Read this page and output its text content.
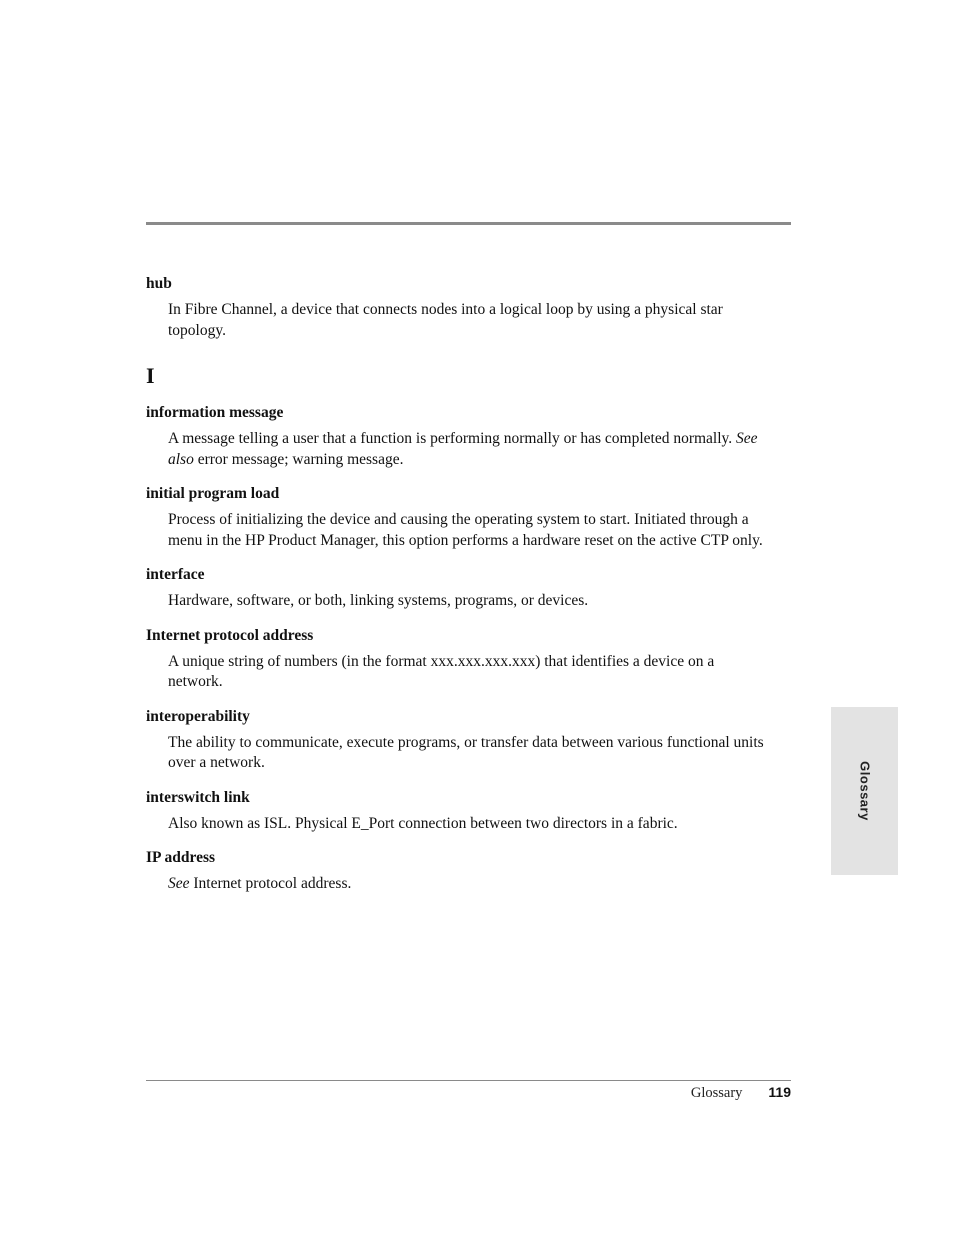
hub

In Fibre Channel, a device that connects nodes into a logical loop by using a physical star topology.

I

information message

A message telling a user that a function is performing normally or has completed normally. See also error message; warning message.

initial program load

Process of initializing the device and causing the operating system to start. Initiated through a menu in the HP Product Manager, this option performs a hardware reset on the active CTP only.

interface

Hardware, software, or both, linking systems, programs, or devices.

Internet protocol address

A unique string of numbers (in the format xxx.xxx.xxx.xxx) that identifies a device on a network.

interoperability

The ability to communicate, execute programs, or transfer data between various functional units over a network.

interswitch link

Also known as ISL. Physical E_Port connection between two directors in a fabric.

IP address

See Internet protocol address.

Glossary
Glossary 119
